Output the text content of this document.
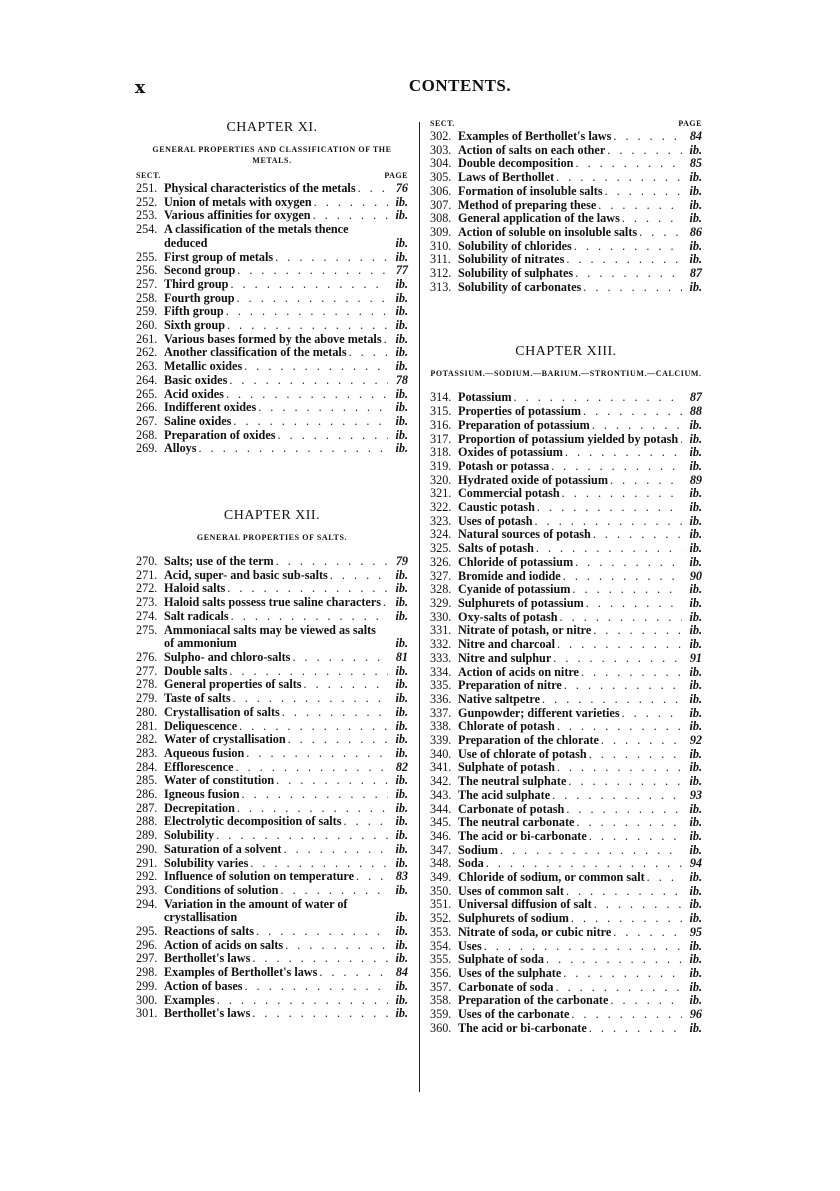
x	CONTENTS.
CHAPTER XI.
GENERAL PROPERTIES AND CLASSIFICATION OF THE METALS.
SECT.	PAGE
251. Physical characteristics of the metals . . .	76
252. Union of metals with oxygen . . .	ib.
253. Various affinities for oxygen . . .	ib.
254. A classification of the metals thence deduced	ib.
255. First group of metals . . .	ib.
256. Second group . . .	77
257. Third group . . .	ib.
258. Fourth group . . .	ib.
259. Fifth group . . .	ib.
260. Sixth group . . .	ib.
261. Various bases formed by the above metals . . .	ib.
262. Another classification of the metals . . .	ib.
263. Metallic oxides . . .	ib.
264. Basic oxides . . .	78
265. Acid oxides . . .	ib.
266. Indifferent oxides . . .	ib.
267. Saline oxides . . .	ib.
268. Preparation of oxides . . .	ib.
269. Alloys . . .	ib.
CHAPTER XII.
GENERAL PROPERTIES OF SALTS.
270. Salts; use of the term . . .	79
271. Acid, super- and basic sub-salts . . .	ib.
272. Haloid salts . . .	ib.
273. Haloid salts possess true saline characters . . .	ib.
274. Salt radicals . . .	ib.
275. Ammoniacal salts may be viewed as salts of ammonium	ib.
276. Sulpho- and chloro-salts . . .	81
277. Double salts . . .	ib.
278. General properties of salts . . .	ib.
279. Taste of salts . . .	ib.
280. Crystallisation of salts . . .	ib.
281. Deliquescence . . .	ib.
282. Water of crystallisation . . .	ib.
283. Aqueous fusion . . .	ib.
284. Efflorescence . . .	82
285. Water of constitution . . .	ib.
286. Igneous fusion . . .	ib.
287. Decrepitation . . .	ib.
288. Electrolytic decomposition of salts . . .	ib.
289. Solubility . . .	ib.
290. Saturation of a solvent . . .	ib.
291. Solubility varies . . .	ib.
292. Influence of solution on temperature . . .	83
293. Conditions of solution . . .	ib.
294. Variation in the amount of water of crystallisation	ib.
295. Reactions of salts . . .	ib.
296. Action of acids on salts . . .	ib.
297. Berthollet's laws . . .	ib.
298. Examples of Berthollet's laws . . .	84
299. Action of bases . . .	ib.
300. Examples . . .	ib.
301. Berthollet's laws . . .	ib.
SECT.	PAGE
302. Examples of Berthollet's laws . . .	84
303. Action of salts on each other . . .	ib.
304. Double decomposition . . .	85
305. Laws of Berthollet . . .	ib.
306. Formation of insoluble salts . . .	ib.
307. Method of preparing these . . .	ib.
308. General application of the laws . . .	ib.
309. Action of soluble on insoluble salts . . .	86
310. Solubility of chlorides . . .	ib.
311. Solubility of nitrates . . .	ib.
312. Solubility of sulphates . . .	87
313. Solubility of carbonates . . .	ib.
CHAPTER XIII.
POTASSIUM.—SODIUM.—BARIUM.—STRONTIUM.—CALCIUM.
314. Potassium . . .	87
315. Properties of potassium . . .	88
316. Preparation of potassium . . .	ib.
317. Proportion of potassium yielded by potash . . . ib.
318. Oxides of potassium . . .	ib.
319. Potash or potassa . . .	ib.
320. Hydrated oxide of potassium . . .	89
321. Commercial potash . . .	ib.
322. Caustic potash . . .	ib.
323. Uses of potash . . .	ib.
324. Natural sources of potash . . .	ib.
325. Salts of potash . . .	ib.
326. Chloride of potassium . . .	ib.
327. Bromide and iodide . . .	90
328. Cyanide of potassium . . .	ib.
329. Sulphurets of potassium . . .	ib.
330. Oxy-salts of potash . . .	ib.
331. Nitrate of potash, or nitre . . .	ib.
332. Nitre and charcoal . . .	ib.
333. Nitre and sulphur . . .	91
334. Action of acids on nitre . . .	ib.
335. Preparation of nitre . . .	ib.
336. Native saltpetre . . .	ib.
337. Gunpowder; different varieties . . .	ib.
338. Chlorate of potash . . .	ib.
339. Preparation of the chlorate . . .	92
340. Use of chlorate of potash . . .	ib.
341. Sulphate of potash . . .	ib.
342. The neutral sulphate . . .	ib.
343. The acid sulphate . . .	93
344. Carbonate of potash . . .	ib.
345. The neutral carbonate . . .	ib.
346. The acid or bi-carbonate . . .	ib.
347. Sodium . . .	ib.
348. Soda . . .	94
349. Chloride of sodium, or common salt . . .	ib.
350. Uses of common salt . . .	ib.
351. Universal diffusion of salt . . .	ib.
352. Sulphurets of sodium . . .	ib.
353. Nitrate of soda, or cubic nitre . . .	95
354. Uses . . .	ib.
355. Sulphate of soda . . .	ib.
356. Uses of the sulphate . . .	ib.
357. Carbonate of soda . . .	ib.
358. Preparation of the carbonate . . .	ib.
359. Uses of the carbonate . . .	96
360. The acid or bi-carbonate . . .	ib.
